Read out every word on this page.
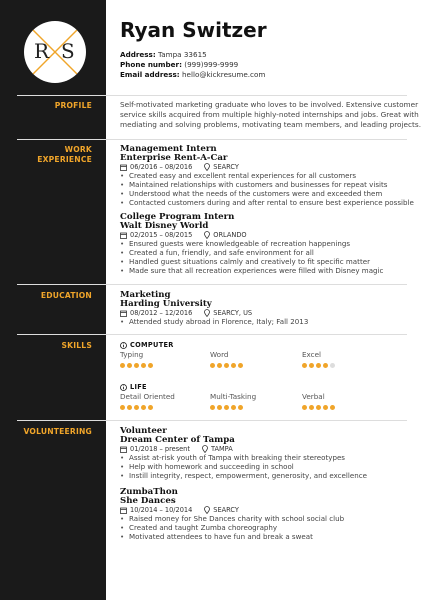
R S
Ryan Switzer
Address: Tampa 33615
Phone number: (999)999-9999
Email address: hello@kickresume.com
PROFILE	Self-motivated marketing graduate who loves to be involved. Extensive customer
service skills acquired from multiple highly-noted internships and jobs. Great with
mediating and solving problems, motivating team members, and leading projects.
WORK
EXPERIENCE
Management Intern
Enterprise Rent-A-Car
06/2016 – 08/2016	SEARCY
• Created easy and excellent rental experiences for all customers
• Maintained relationships with customers and businesses for repeat visits
• Understood what the needs of the customers were and exceeded them
• Contacted customers during and after rental to ensure best experience possible
College Program Intern
Walt Disney World
02/2015 – 08/2015	ORLANDO
• Ensured guests were knowledgeable of recreation happenings
• Created a fun, friendly, and safe environment for all
• Handled guest situations calmly and creatively to fit specific matter
• Made sure that all recreation experiences were filled with Disney magic
EDUCATION	Marketing
Harding University
08/2012 – 12/2016	SEARCY, US
• Attended study abroad in Florence, Italy; Fall 2013
SKILLS	COMPUTER
Typing	Word	Excel
LIFE
Detail Oriented	Multi-Tasking	Verbal
VOLUNTEERING	Volunteer
Dream Center of Tampa
01/2018 – present	TAMPA
• Assist at-risk youth of Tampa with breaking their stereotypes
• Help with homework and succeeding in school
• Instill integrity, respect, empowerment, generosity, and excellence
ZumbaThon
She Dances
10/2014 – 10/2014	SEARCY
• Raised money for She Dances charity with school social club
• Created and taught Zumba choreography
• Motivated attendees to have fun and break a sweat
